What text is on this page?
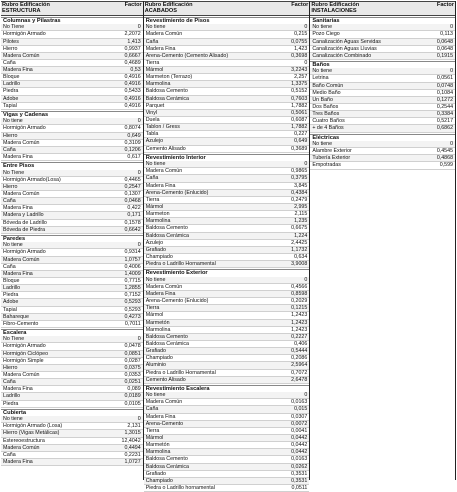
Rubro Edificación
ESTRUCTURA
Factor
Columnas y Pilastras
No Tiene	0
Hormigón Armado	2,2072
Pilotes	1,413
Hierro	0,9937
Madera Común	0,6667
Caña	0,4689
Madera Fina	0,53
Bloque	0,4916
Ladrillo	0,4916
Piedra	0,5433
Adobe	0,4916
Tapial	0,4916
Vigas y Cadenas
No tiene	0
Hormigón Armado	0,8074
Hierro	0,649
Madera Común	0,3109
Caña	0,1206
Madera Fina	0,617
Entre Pisos
No Tiene	0
Hormigón Armado(Losa)	0,4465
Hierro	0,2547
Madera Común	0,1307
Caña	0,0468
Madera Fina	0,422
Madera y Ladrillo	0,171
Bóveda de Ladrillo	0,1578
Bóveda de Piedra	0,6642
Paredes
No tiene	0
Hormigón Armado	0,9314
Madera Común	1,0757
Caña	0,4006
Madera Fina	1,4009
Bloque	0,7715
Ladrillo	1,2855
Piedra	0,7152
Adobe	0,5293
Tapial	0,5293
Bahareque	0,4273
Fibro-Cemento	0,7011
Escalera
No Tiene	0
Hormigón Armado	0,0478
Hormigón Ciclópeo	0,0851
Hormigón Simple	0,0287
Hierro	0,0375
Madera Común	0,0353
Caña	0,0251
Madera Fina	0,089
Ladrillo	0,0189
Piedra	0,0105
Cubierta
No tiene	0
Hormigón Armado (Losa)	2,131
Hierro (Vigas Metálicas)	1,3015
Estereoestructura	12,4042
Madera Común	0,4494
Caña	0,2231
Madera Fina	1,0727
Rubro Edificación
ACABADOS
Factor
Revestimiento de Pisos
No tiene	0
Madera Común	0,215
Caña	0,0755
Madera Fina	1,423
Arena-Cemento (Cemento Alisado)	0,3698
Tierra	0
Mármol	3,2243
Marmeton (Terrazo)	2,257
Marmolina	1,3375
Baldosa Cemento	0,5152
Baldosa Cerámica	0,7603
Parquet	1,7882
Vinyl	0,5061
Duela	0,6087
Tablon / Gress	1,7882
Tabla	0,227
Azulejo	0,649
Cemento Alisado	0,3689
Revestimiento Interior
No tiene	0
Madera Común	0,9865
Caña	0,3795
Madera Fina	3,845
Arena-Cemento (Enlucido)	0,4384
Tierra	0,2479
Mármol	2,995
Marmeton	2,115
Marmolina	1,235
Baldosa Cemento	0,6675
Baldosa Cerámica	1,224
Azulejo	2,4425
Grafiado	1,1732
Champiado	0,634
Piedra o Ladrillo Hornamental	3,9008
Revestimiento Exterior
No tiene	0
Madera Común	0,4566
Madera Fina	0,8598
Arena-Cemento (Enlucido)	0,2029
Tierra	0,1215
Mármol	1,2423
Marmetón	1,2423
Marmolina	1,2423
Baldosa Cemento	0,2227
Baldosa Cerámica	0,406
Grafiado	0,5444
Champiado	0,2086
Aluminio	2,5964
Piedra o Ladrillo Hornamental	0,7072
Cemento Alisado	2,6478
Revestimiento Escalera
No tiene	0
Madera Común	0,0163
Caña	0,015
Madera Fina	0,0307
Arena-Cemento	0,0072
Tierra	0,0041
Mármol	0,0442
Marmetón	0,0442
Marmolina	0,0442
Baldosa Cemento	0,0163
Baldosa Cerámica	0,0262
Grafiado	0,3531
Champiado	0,3531
Piedra o Ladrillo hornamental	0,0511
Rubro Edificación
INSTALACIONES
Factor
Sanitarias
No tiene	0
Pozo Ciego	0,113
Canalización Aguas Servidas	0,0648
Canalización Aguas Lluvias	0,0648
Canalización Combinado	0,1915
Baños
No tiene	0
Letrina	0,0561
Baño Común	0,0748
Medio Baño	0,1084
Un Baño	0,1272
Dos Baños	0,2544
Tres Baños	0,3384
Cuatro Baños	0,5217
+ de 4 Baños	0,6862
Eléctricas
No tiene	0
Alambre Exterior	0,4545
Tubería Exterior	0,4868
Empotradas	0,599
